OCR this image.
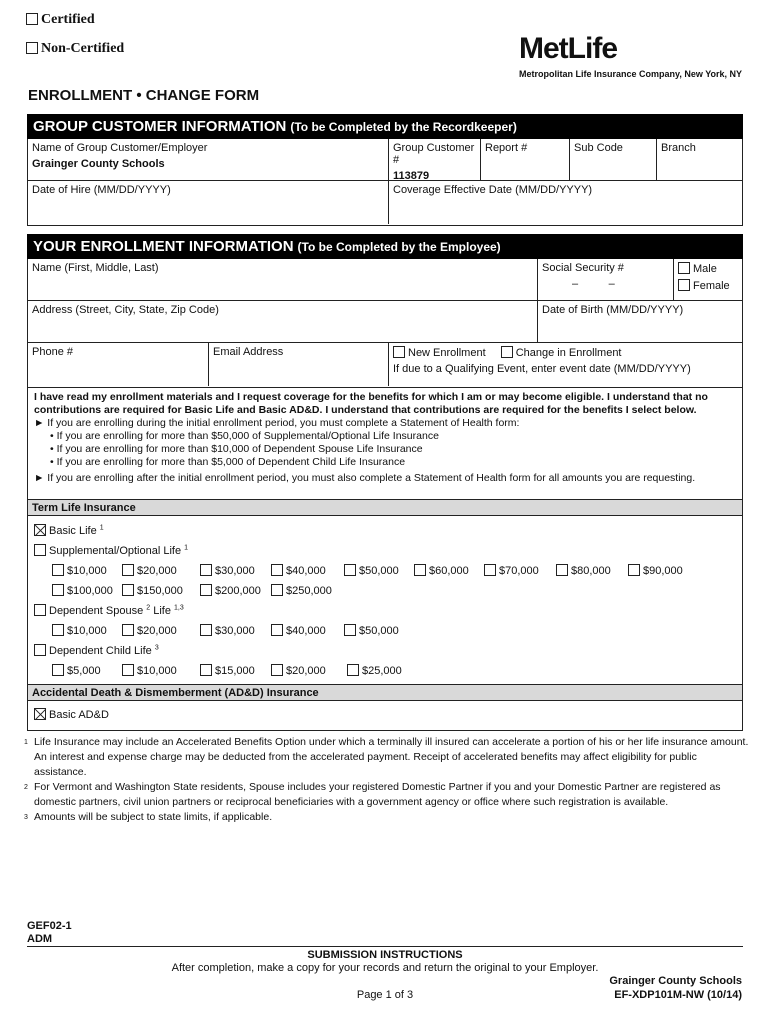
Certified
Non-Certified	MetLife
Metropolitan Life Insurance Company, New York, NY
ENROLLMENT • CHANGE FORM
GROUP CUSTOMER INFORMATION (To be Completed by the Recordkeeper)
Name of Group Customer/Employer
Grainger County Schools
Group Customer #
113879
Report #	Sub Code	Branch
Date of Hire (MM/DD/YYYY)	Coverage Effective Date (MM/DD/YYYY)
YOUR ENROLLMENT INFORMATION (To be Completed by the Employee)
Name (First, Middle, Last)	Social Security #
–          –
Male
Female
Address (Street, City, State, Zip Code)	Date of Birth (MM/DD/YYYY)
Phone #	Email Address	New Enrollment	Change in Enrollment
If due to a Qualifying Event, enter event date (MM/DD/YYYY)
I have read my enrollment materials and I request coverage for the benefits for which I am or may become eligible. I understand that no
contributions are required for Basic Life and Basic AD&D. I understand that contributions are required for the benefits I select below.
► If you are enrolling during the initial enrollment period, you must complete a Statement of Health form:
• If you are enrolling for more than $50,000 of Supplemental/Optional Life Insurance
• If you are enrolling for more than $10,000 of Dependent Spouse Life Insurance
• If you are enrolling for more than $5,000 of Dependent Child Life Insurance
► If you are enrolling after the initial enrollment period, you must also complete a Statement of Health form for all amounts you are requesting.
Term Life Insurance
Basic Life $^1$
Supplemental/Optional Life $^1$
$10,000	$20,000	$30,000	$40,000	$50,000	$60,000	$70,000	$80,000	$90,000
$100,000	$150,000	$200,000	$250,000
Dependent Spouse $^2$ Life $^{1,3}$
$10,000	$20,000	$30,000	$40,000	$50,000
Dependent Child Life $^3$
$5,000	$10,000	$15,000	$20,000	$25,000
Accidental Death & Dismemberment (AD&D) Insurance
Basic AD&D
1 Life Insurance may include an Accelerated Benefits Option under which a terminally ill insured can accelerate a portion of his or her life insurance amount.
An interest and expense charge may be deducted from the accelerated payment. Receipt of accelerated benefits may affect eligibility for public assistance.
2 For Vermont and Washington State residents, Spouse includes your registered Domestic Partner if you and your Domestic Partner are registered as
domestic partners, civil union partners or reciprocal beneficiaries with a government agency or office where such registration is available.
3 Amounts will be subject to state limits, if applicable.
GEF02-1
ADM
SUBMISSION INSTRUCTIONS
After completion, make a copy for your records and return the original to your Employer.
Page 1 of 3
Grainger County Schools
EF-XDP101M-NW (10/14)
